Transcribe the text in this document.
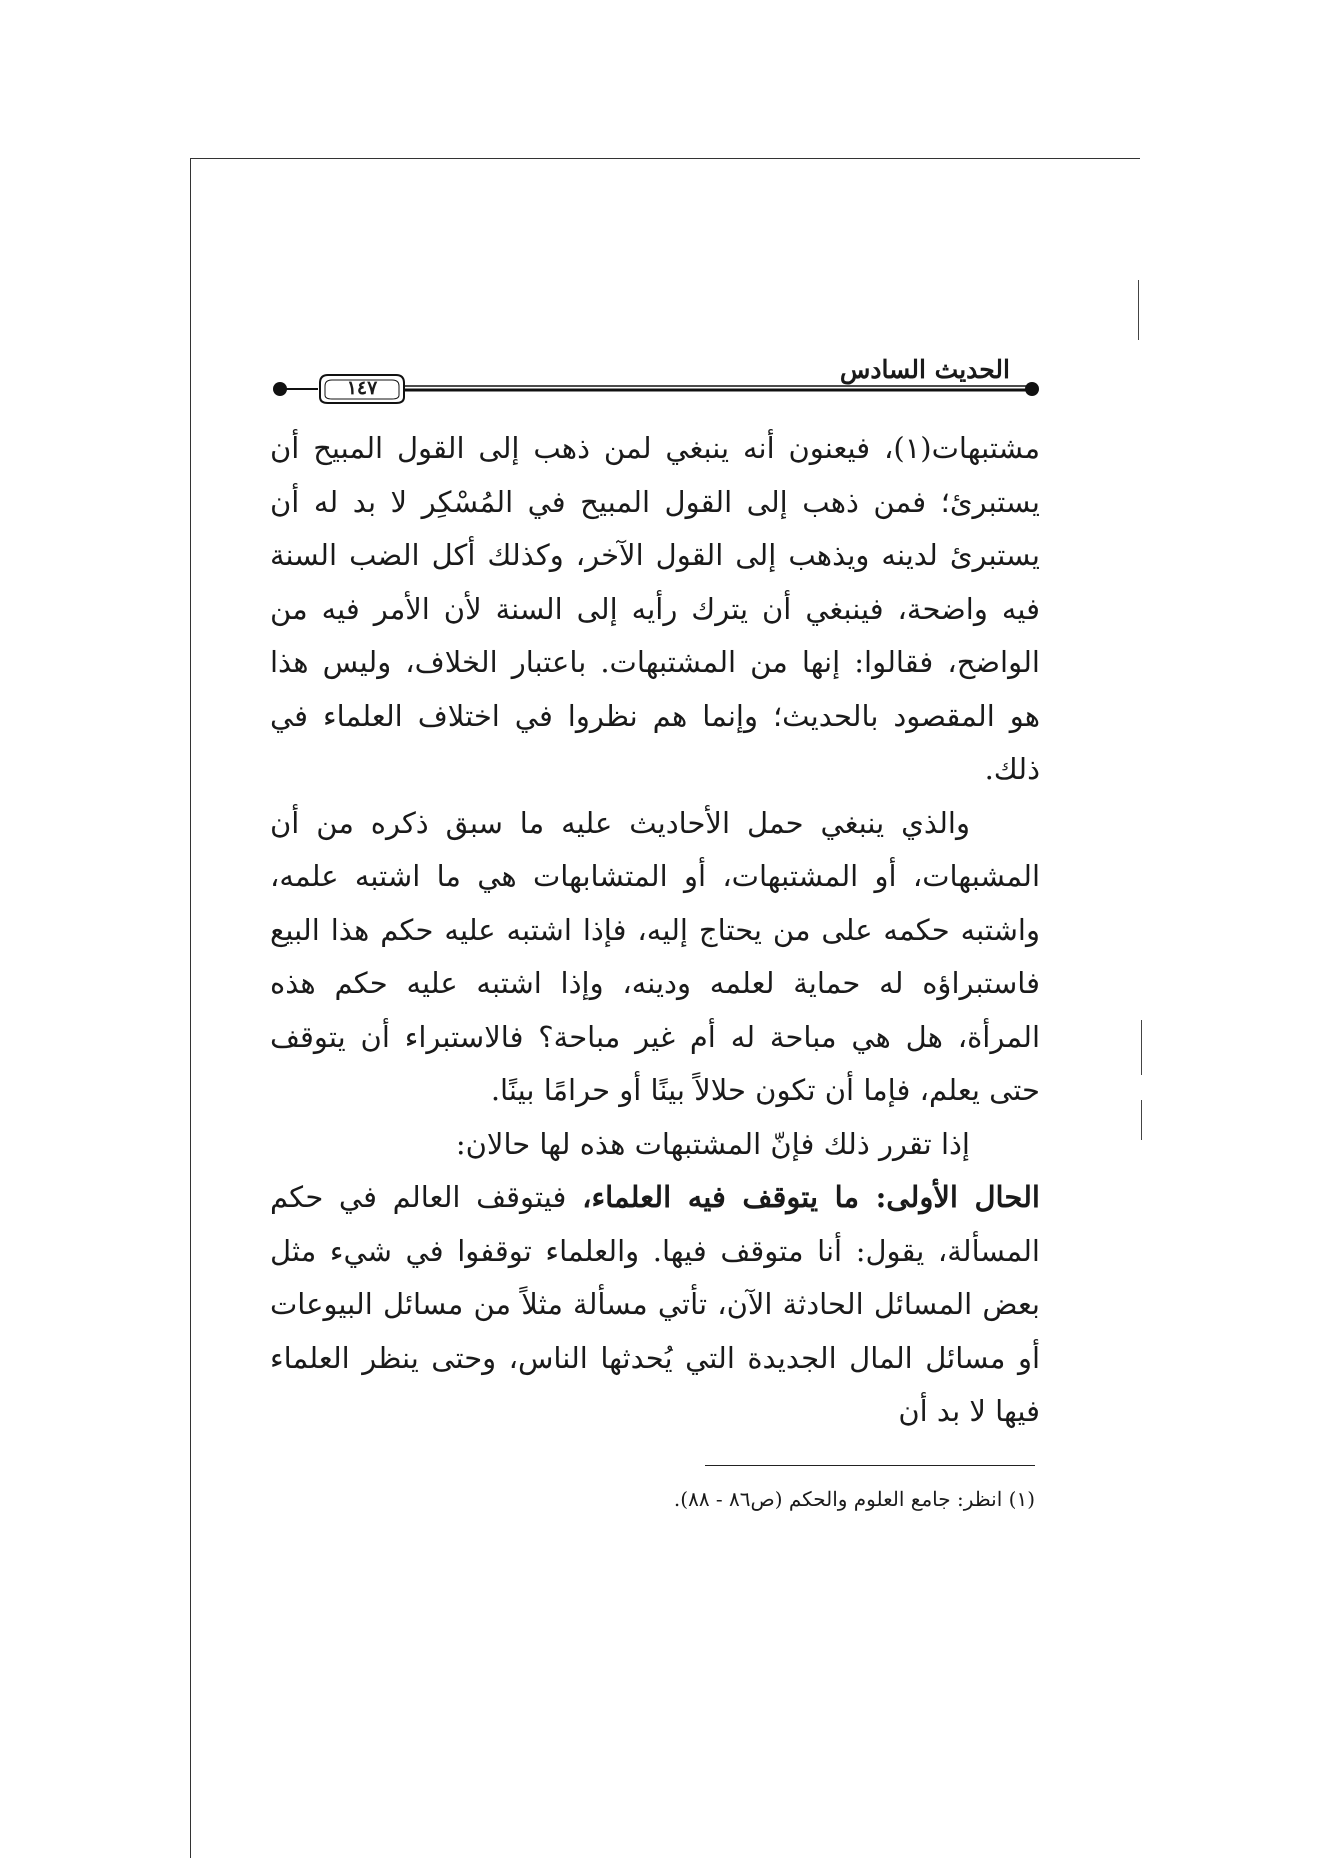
١٤٧
الحديث السادس

مشتبهات(١)، فيعنون أنه ينبغي لمن ذهب إلى القول المبيح أن يستبرئ؛ فمن ذهب إلى القول المبيح في المُسْكِر لا بد له أن يستبرئ لدينه ويذهب إلى القول الآخر، وكذلك أكل الضب السنة فيه واضحة، فينبغي أن يترك رأيه إلى السنة لأن الأمر فيه من الواضح، فقالوا: إنها من المشتبهات. باعتبار الخلاف، وليس هذا هو المقصود بالحديث؛ وإنما هم نظروا في اختلاف العلماء في ذلك.

والذي ينبغي حمل الأحاديث عليه ما سبق ذكره من أن المشبهات، أو المشتبهات، أو المتشابهات هي ما اشتبه علمه، واشتبه حكمه على من يحتاج إليه، فإذا اشتبه عليه حكم هذا البيع فاستبراؤه له حماية لعلمه ودينه، وإذا اشتبه عليه حكم هذه المرأة، هل هي مباحة له أم غير مباحة؟ فالاستبراء أن يتوقف حتى يعلم، فإما أن تكون حلالاً بينًا أو حرامًا بينًا.

إذا تقرر ذلك فإنّ المشتبهات هذه لها حالان:

الحال الأولى: ما يتوقف فيه العلماء، فيتوقف العالم في حكم المسألة، يقول: أنا متوقف فيها. والعلماء توقفوا في شيء مثل بعض المسائل الحادثة الآن، تأتي مسألة مثلاً من مسائل البيوعات أو مسائل المال الجديدة التي يُحدثها الناس، وحتى ينظر العلماء فيها لا بد أن

(١) انظر: جامع العلوم والحكم (ص٨٦ - ٨٨).
